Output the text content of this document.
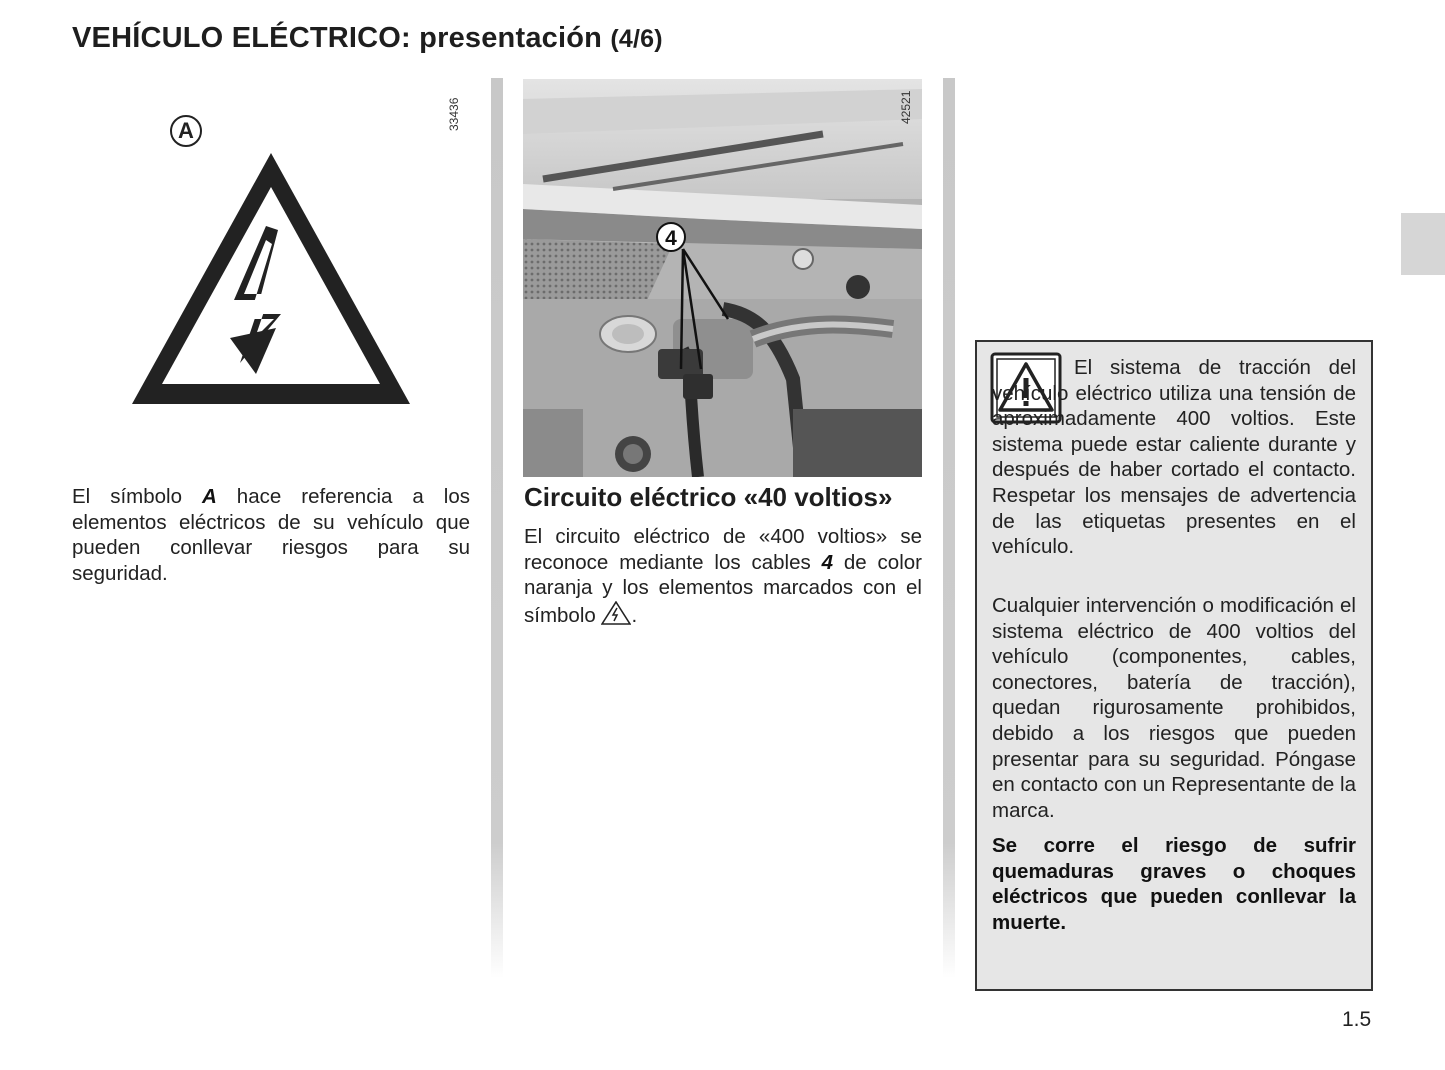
VEHÍCULO ELÉCTRICO: presentación (4/6)
33436
A

El símbolo A hace referencia a los elementos eléctricos de su vehículo que pueden conllevar riesgos para su seguridad.

4
42521
Circuito eléctrico «40 voltios»

El circuito eléctrico de «400 voltios» se reconoce mediante los cables 4 de color naranja y los elementos marcados con el símbolo .

El sistema de tracción del vehículo eléctrico utiliza una tensión de aproximadamente 400 voltios. Este sistema puede estar caliente durante y después de haber cortado el contacto. Respetar los mensajes de advertencia de las etiquetas presentes en el vehículo.

Cualquier intervención o modificación el sistema eléctrico de 400 voltios del vehículo (componentes, cables, conectores, batería de tracción), quedan rigurosamente prohibidos, debido a los riesgos que pueden presentar para su seguridad. Póngase en contacto con un Representante de la marca.

Se corre el riesgo de sufrir quemaduras graves o choques eléctricos que pueden conllevar la muerte.

1.5
